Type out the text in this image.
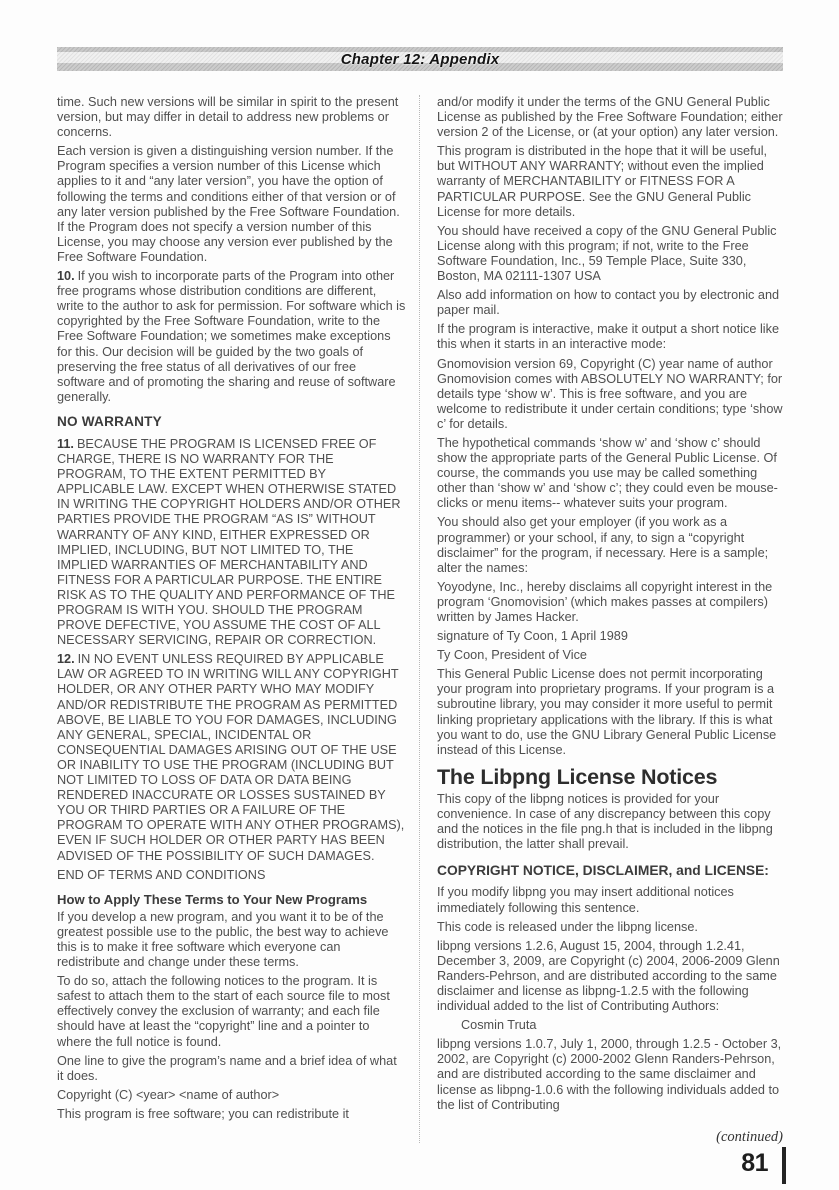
Chapter 12: Appendix

time. Such new versions will be similar in spirit to the present version, but may differ in detail to address new problems or concerns.

Each version is given a distinguishing version number. If the Program specifies a version number of this License which applies to it and “any later version”, you have the option of following the terms and conditions either of that version or of any later version published by the Free Software Foundation. If the Program does not specify a version number of this License, you may choose any version ever published by the Free Software Foundation.

10. If you wish to incorporate parts of the Program into other free programs whose distribution conditions are different, write to the author to ask for permission. For software which is copyrighted by the Free Software Foundation, write to the Free Software Foundation; we sometimes make exceptions for this. Our decision will be guided by the two goals of preserving the free status of all derivatives of our free software and of promoting the sharing and reuse of software generally.

NO WARRANTY

11. BECAUSE THE PROGRAM IS LICENSED FREE OF CHARGE, THERE IS NO WARRANTY FOR THE PROGRAM, TO THE EXTENT PERMITTED BY APPLICABLE LAW. EXCEPT WHEN OTHERWISE STATED IN WRITING THE COPYRIGHT HOLDERS AND/OR OTHER PARTIES PROVIDE THE PROGRAM “AS IS” WITHOUT WARRANTY OF ANY KIND, EITHER EXPRESSED OR IMPLIED, INCLUDING, BUT NOT LIMITED TO, THE IMPLIED WARRANTIES OF MERCHANTABILITY AND FITNESS FOR A PARTICULAR PURPOSE. THE ENTIRE RISK AS TO THE QUALITY AND PERFORMANCE OF THE PROGRAM IS WITH YOU. SHOULD THE PROGRAM PROVE DEFECTIVE, YOU ASSUME THE COST OF ALL NECESSARY SERVICING, REPAIR OR CORRECTION.

12. IN NO EVENT UNLESS REQUIRED BY APPLICABLE LAW OR AGREED TO IN WRITING WILL ANY COPYRIGHT HOLDER, OR ANY OTHER PARTY WHO MAY MODIFY AND/OR REDISTRIBUTE THE PROGRAM AS PERMITTED ABOVE, BE LIABLE TO YOU FOR DAMAGES, INCLUDING ANY GENERAL, SPECIAL, INCIDENTAL OR CONSEQUENTIAL DAMAGES ARISING OUT OF THE USE OR INABILITY TO USE THE PROGRAM (INCLUDING BUT NOT LIMITED TO LOSS OF DATA OR DATA BEING RENDERED INACCURATE OR LOSSES SUSTAINED BY YOU OR THIRD PARTIES OR A FAILURE OF THE PROGRAM TO OPERATE WITH ANY OTHER PROGRAMS), EVEN IF SUCH HOLDER OR OTHER PARTY HAS BEEN ADVISED OF THE POSSIBILITY OF SUCH DAMAGES.

END OF TERMS AND CONDITIONS

How to Apply These Terms to Your New Programs

If you develop a new program, and you want it to be of the greatest possible use to the public, the best way to achieve this is to make it free software which everyone can redistribute and change under these terms.

To do so, attach the following notices to the program. It is safest to attach them to the start of each source file to most effectively convey the exclusion of warranty; and each file should have at least the “copyright” line and a pointer to where the full notice is found.

One line to give the program’s name and a brief idea of what it does.

Copyright (C) <year> <name of author>

This program is free software; you can redistribute it

and/or modify it under the terms of the GNU General Public License as published by the Free Software Foundation; either version 2 of the License, or (at your option) any later version.

This program is distributed in the hope that it will be useful, but WITHOUT ANY WARRANTY; without even the implied warranty of MERCHANTABILITY or FITNESS FOR A PARTICULAR PURPOSE. See the GNU General Public License for more details.

You should have received a copy of the GNU General Public License along with this program; if not, write to the Free Software Foundation, Inc., 59 Temple Place, Suite 330, Boston, MA 02111-1307 USA

Also add information on how to contact you by electronic and paper mail.

If the program is interactive, make it output a short notice like this when it starts in an interactive mode:

Gnomovision version 69, Copyright (C) year name of author Gnomovision comes with ABSOLUTELY NO WARRANTY; for details type ‘show w’. This is free software, and you are welcome to redistribute it under certain conditions; type ‘show c’ for details.

The hypothetical commands ‘show w’ and ‘show c’ should show the appropriate parts of the General Public License. Of course, the commands you use may be called something other than ‘show w’ and ‘show c’; they could even be mouse-clicks or menu items-- whatever suits your program.

You should also get your employer (if you work as a programmer) or your school, if any, to sign a “copyright disclaimer” for the program, if necessary. Here is a sample; alter the names:

Yoyodyne, Inc., hereby disclaims all copyright interest in the program ‘Gnomovision’ (which makes passes at compilers) written by James Hacker.

signature of Ty Coon, 1 April 1989

Ty Coon, President of Vice

This General Public License does not permit incorporating your program into proprietary programs. If your program is a subroutine library, you may consider it more useful to permit linking proprietary applications with the library. If this is what you want to do, use the GNU Library General Public License instead of this License.

The Libpng License Notices

This copy of the libpng notices is provided for your convenience. In case of any discrepancy between this copy and the notices in the file png.h that is included in the libpng distribution, the latter shall prevail.

COPYRIGHT NOTICE, DISCLAIMER, and LICENSE:

If you modify libpng you may insert additional notices immediately following this sentence.

This code is released under the libpng license.

libpng versions 1.2.6, August 15, 2004, through 1.2.41, December 3, 2009, are Copyright (c) 2004, 2006-2009 Glenn Randers-Pehrson, and are distributed according to the same disclaimer and license as libpng-1.2.5 with the following individual added to the list of Contributing Authors:

Cosmin Truta

libpng versions 1.0.7, July 1, 2000, through 1.2.5 - October 3, 2002, are Copyright (c) 2000-2002 Glenn Randers-Pehrson, and are distributed according to the same disclaimer and license as libpng-1.0.6 with the following individuals added to the list of Contributing

(continued)
81
